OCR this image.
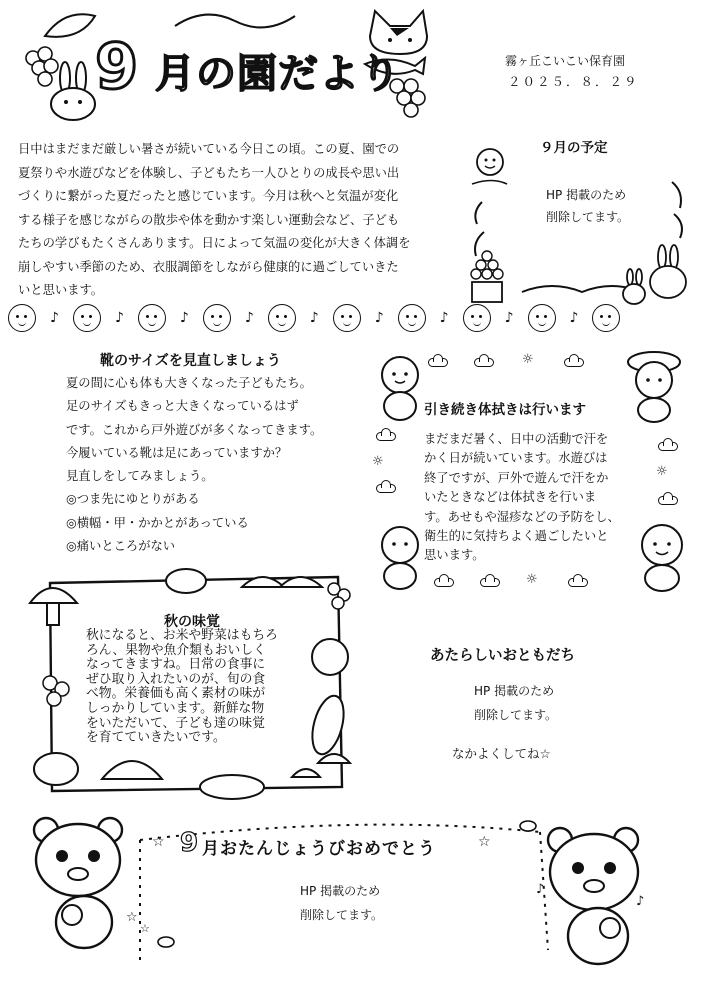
9 月の園だより	霧ヶ丘こいこい保育園
２０２５．８．２９
日中はまだまだ厳しい暑さが続いている今日この頃。この夏、園での
夏祭りや水遊びなどを体験し、子どもたち一人ひとりの成長や思い出
づくりに繋がった夏だったと感じています。今月は秋へと気温が変化
する様子を感じながらの散歩や体を動かす楽しい運動会など、子ども
たちの学びもたくさんあります。日によって気温の変化が大きく体調を
崩しやすい季節のため、衣服調節をしながら健康的に過ごしていきた
いと思います。
９月の予定
HP 掲載のため
削除してます。
♪	♪	♪	♪	♪	♪	♪	♪	♪
靴のサイズを見直しましょう
夏の間に心も体も大きくなった子どもたち。
足のサイズもきっと大きくなっているはず
です。これから戸外遊びが多くなってきます。
今履いている靴は足にあっていますか？
見直しをしてみましょう。
◎つま先にゆとりがある
◎横幅・甲・かかとがあっている
◎痛いところがない
☼
☼
☼
☼
引き続き体拭きは行います
まだまだ暑く、日中の活動で汗を
かく日が続いています。水遊びは
終了ですが、戸外で遊んで汗をか
いたときなどは体拭きを行いま
す。あせもや湿疹などの予防をし、
衛生的に気持ちよく過ごしたいと
思います。
秋の味覚
秋になると、お米や野菜はもちろ
ろん、果物や魚介類もおいしく
なってきますね。日常の食事に
ぜひ取り入れたいのが、旬の食
べ物。栄養価も高く素材の味が
しっかりしています。新鮮な物
をいただいて、子ども達の味覚
を育てていきたいです。
あたらしいおともだち
HP 掲載のため
削除してます。
なかよくしてね☆
☆
☆
♪
♪
☆ 9 月おたんじょうびおめでとう	☆
HP 掲載のため
削除してます。
